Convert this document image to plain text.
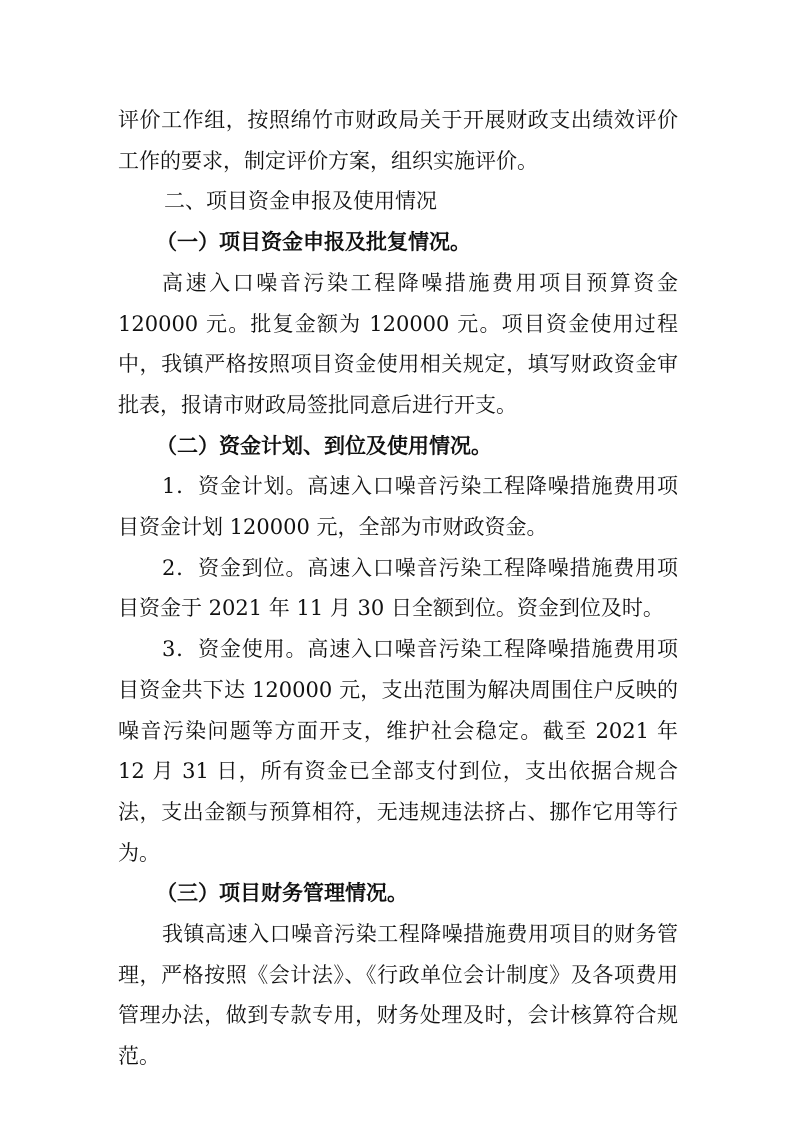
评价工作组，按照绵竹市财政局关于开展财政支出绩效评价工作的要求，制定评价方案，组织实施评价。

二、项目资金申报及使用情况

（一）项目资金申报及批复情况。

高速入口噪音污染工程降噪措施费用项目预算资金120000 元。批复金额为 120000 元。项目资金使用过程中，我镇严格按照项目资金使用相关规定，填写财政资金审批表，报请市财政局签批同意后进行开支。

（二）资金计划、到位及使用情况。

1．资金计划。高速入口噪音污染工程降噪措施费用项目资金计划 120000 元，全部为市财政资金。

2．资金到位。高速入口噪音污染工程降噪措施费用项目资金于 2021 年 11 月 30 日全额到位。资金到位及时。

3．资金使用。高速入口噪音污染工程降噪措施费用项目资金共下达 120000 元，支出范围为解决周围住户反映的噪音污染问题等方面开支，维护社会稳定。截至 2021 年 12 月 31 日，所有资金已全部支付到位，支出依据合规合法，支出金额与预算相符，无违规违法挤占、挪作它用等行为。

（三）项目财务管理情况。

我镇高速入口噪音污染工程降噪措施费用项目的财务管理，严格按照《会计法》、《行政单位会计制度》及各项费用管理办法，做到专款专用，财务处理及时，会计核算符合规范。
